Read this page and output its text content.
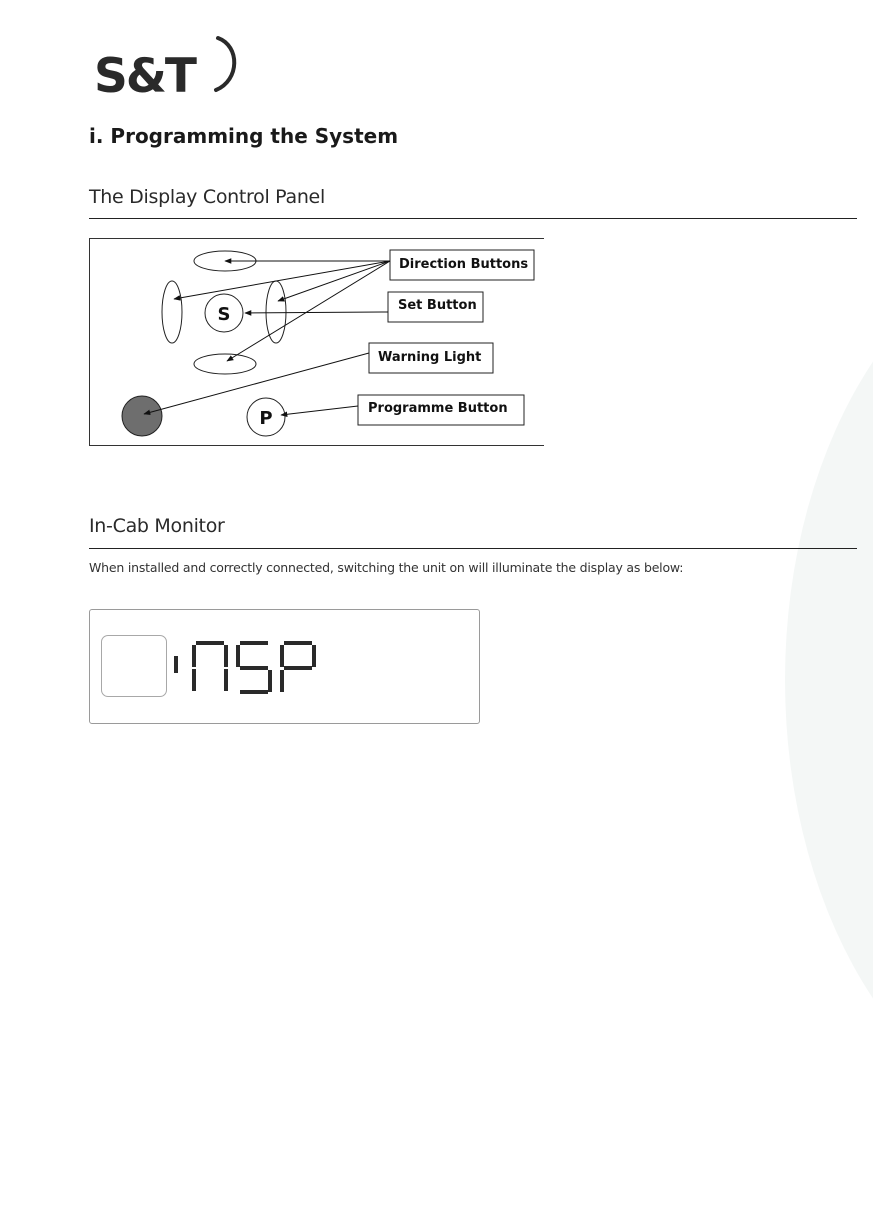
S&T
i. Programming the System
The Display Control Panel
S
P
Direction Buttons
Set Button
Warning Light
Programme Button
In-Cab Monitor

When installed and correctly connected, switching the unit on will illuminate the display as below:

NSP
